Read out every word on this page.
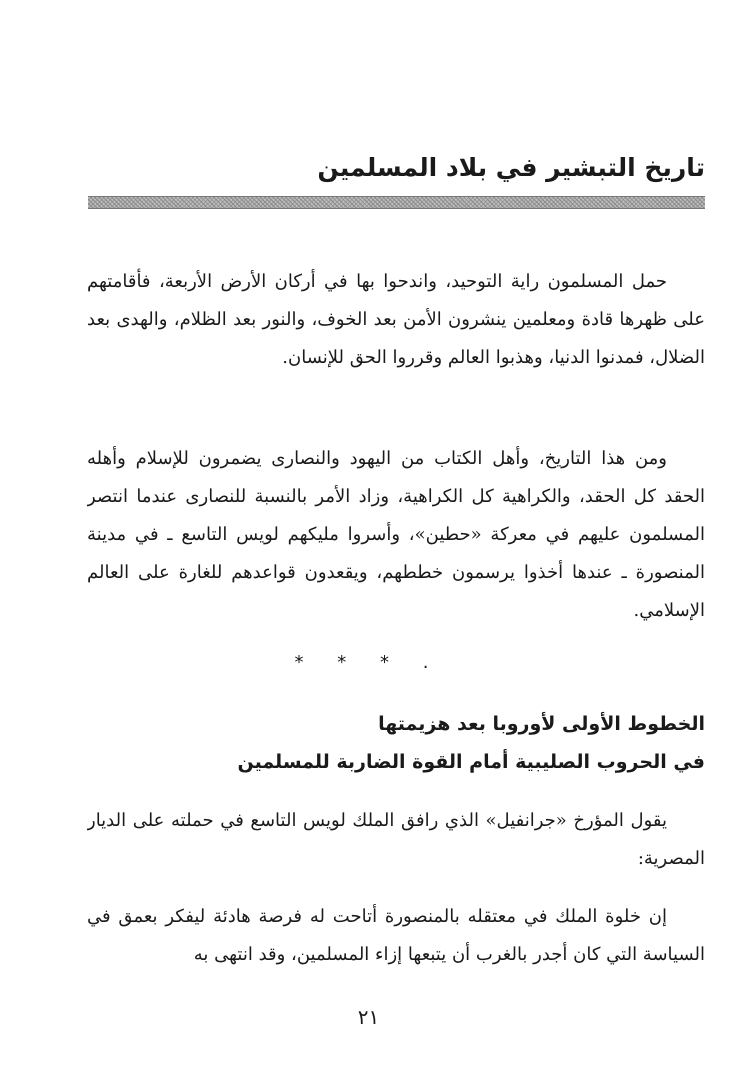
تاريخ التبشير في بلاد المسلمين

حمل المسلمون راية التوحيد، واندحوا بها في أركان الأرض الأربعة، فأقامتهم على ظهرها قادة ومعلمين ينشرون الأمن بعد الخوف، والنور بعد الظلام، والهدى بعد الضلال، فمدنوا الدنيا، وهذبوا العالم وقرروا الحق للإنسان.

ومن هذا التاريخ، وأهل الكتاب من اليهود والنصارى يضمرون للإسلام وأهله الحقد كل الحقد، والكراهية كل الكراهية، وزاد الأمر بالنسبة للنصارى عندما انتصر المسلمون عليهم في معركة «حطين»، وأسروا مليكهم لويس التاسع ـ في مدينة المنصورة ـ عندها أخذوا يرسمون خططهم، ويقعدون قواعدهم للغارة على العالم الإسلامي.

* * * .
الخطوط الأولى لأوروبا بعد هزيمتها
في الحروب الصليبية أمام القوة الضاربة للمسلمين

يقول المؤرخ «جرانفيل» الذي رافق الملك لويس التاسع في حملته على الديار المصرية:

إن خلوة الملك في معتقله بالمنصورة أتاحت له فرصة هادئة ليفكر بعمق في السياسة التي كان أجدر بالغرب أن يتبعها إزاء المسلمين، وقد انتهى به

٢١
